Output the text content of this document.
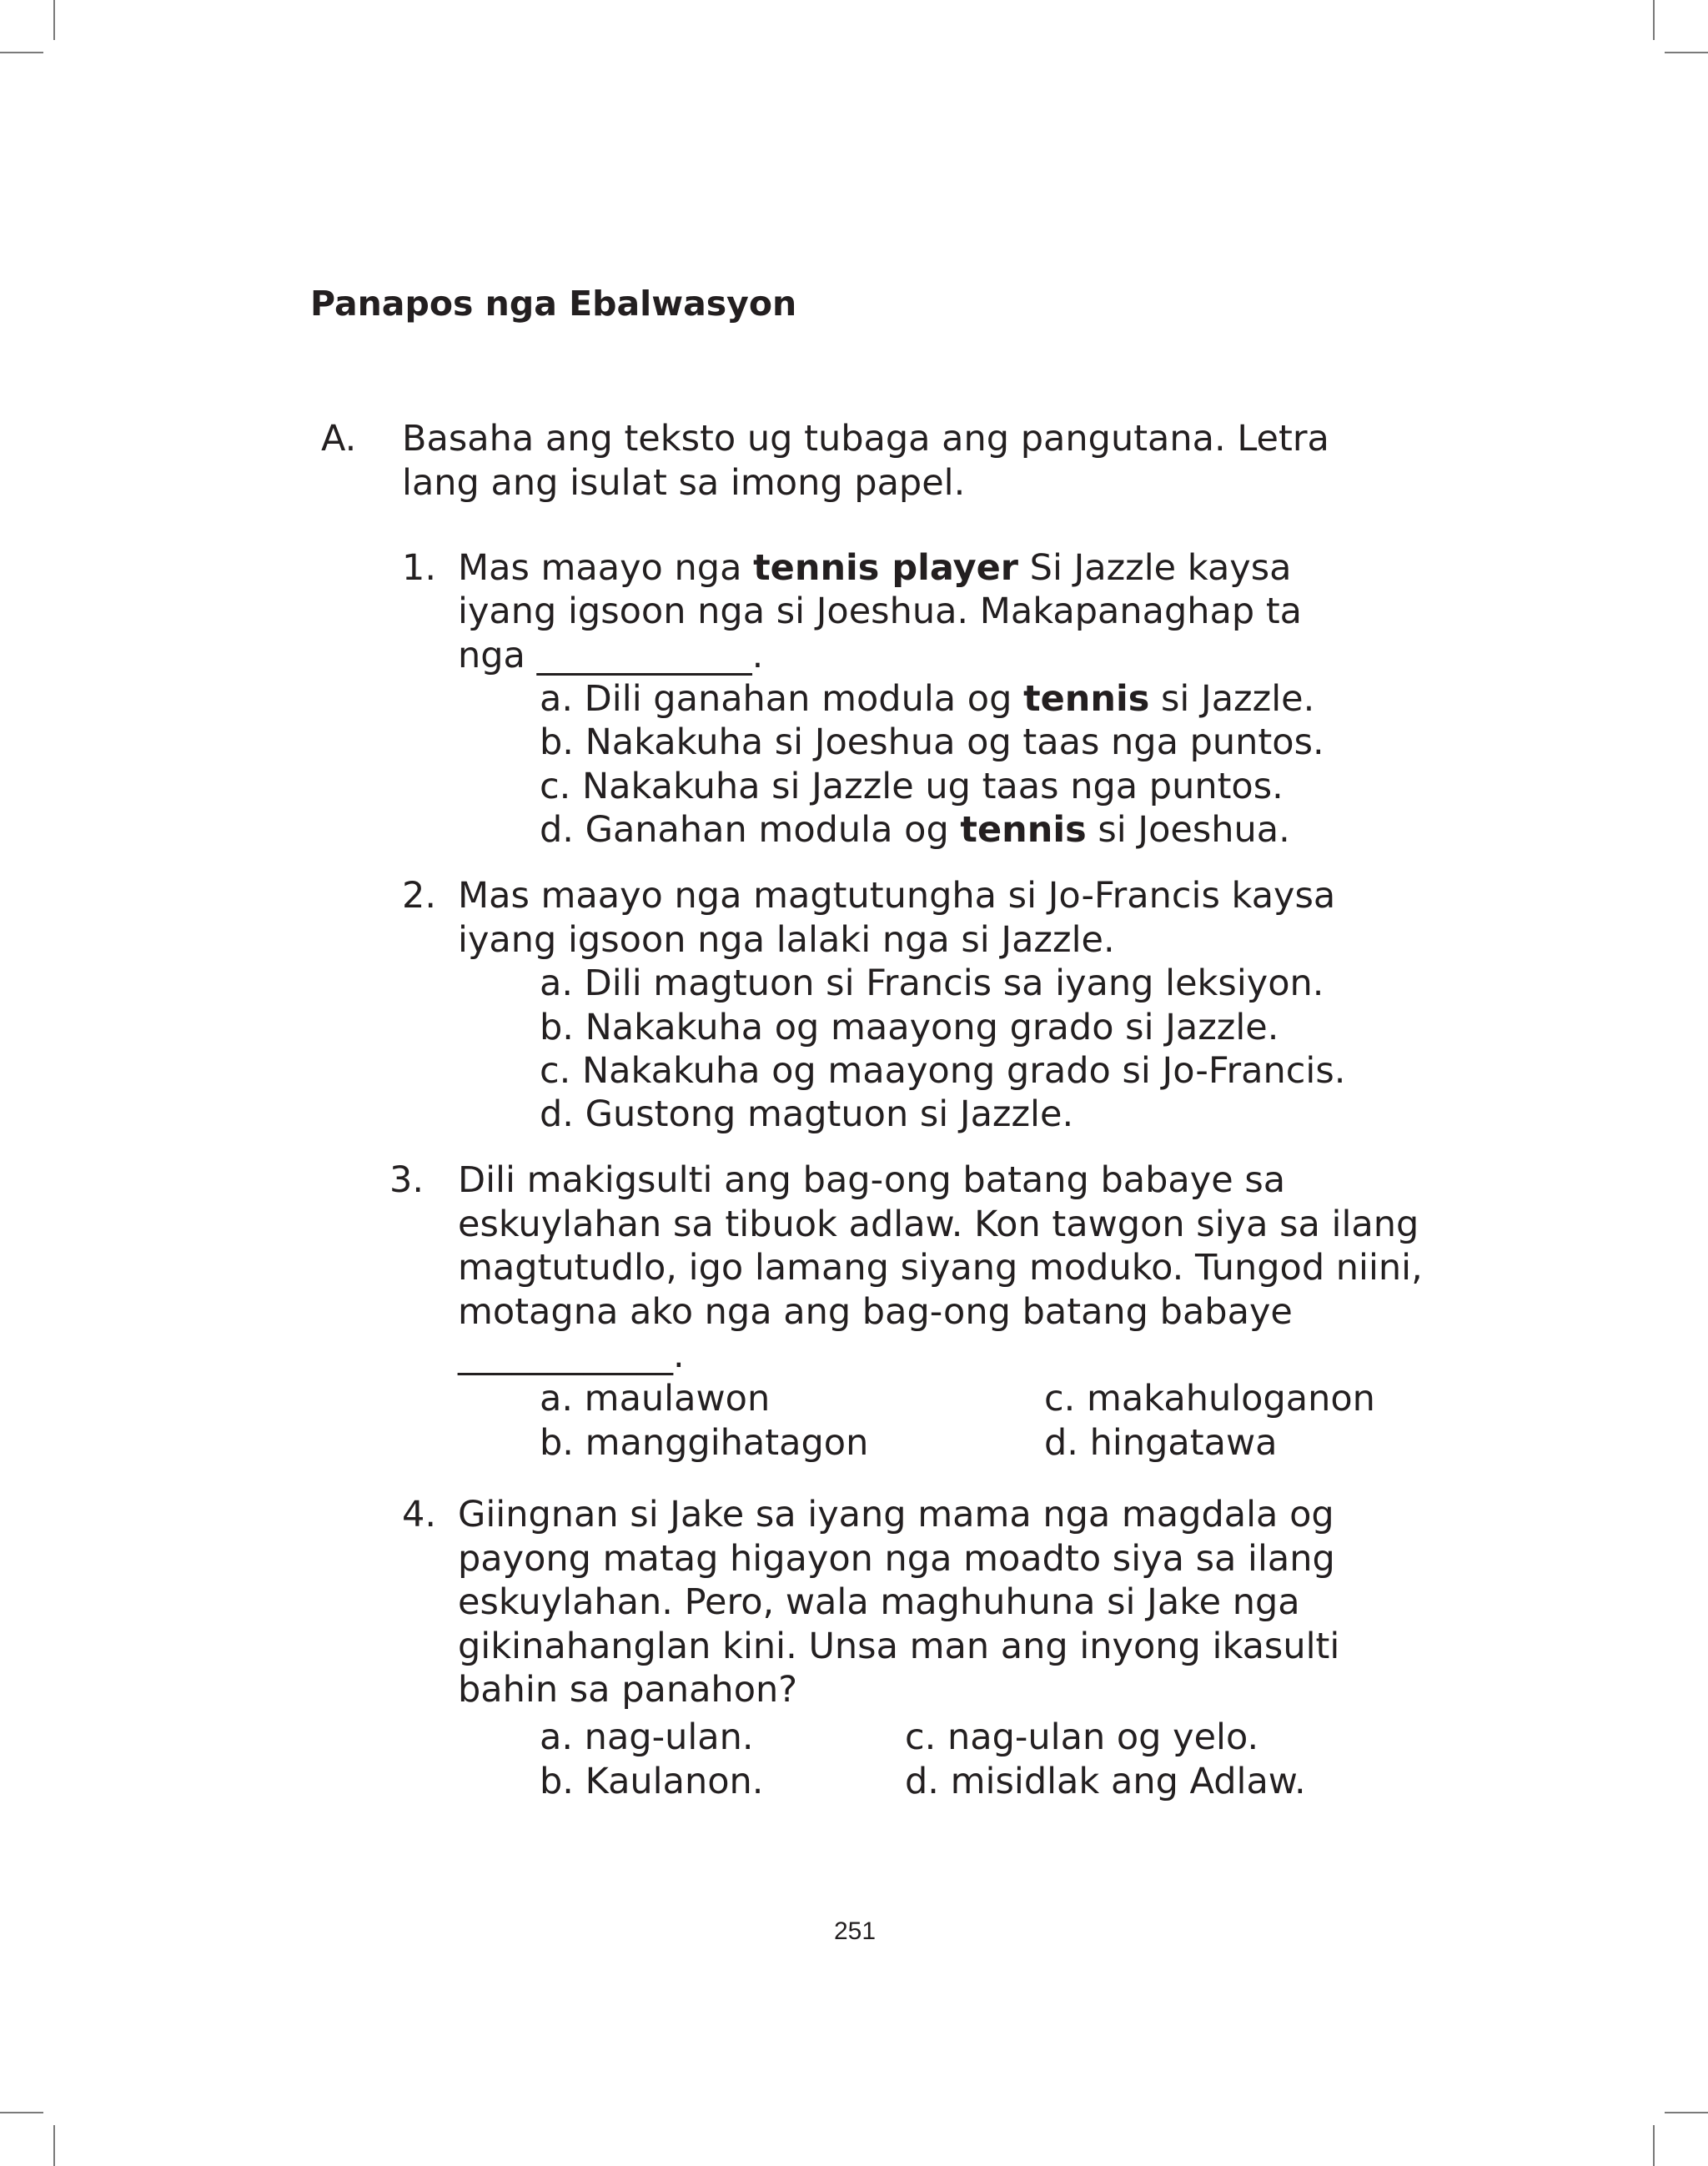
Panapos nga Ebalwasyon
A. Basaha ang teksto ug tubaga ang pangutana. Letra
lang ang isulat sa imong papel.
1. Mas maayo nga tennis player Si Jazzle kaysa
iyang igsoon nga si Joeshua. Makapanaghap ta
nga ____________.
a. Dili ganahan modula og tennis si Jazzle.
b. Nakakuha si Joeshua og taas nga puntos.
c. Nakakuha si Jazzle ug taas nga puntos.
d. Ganahan modula og tennis si Joeshua.
2. Mas maayo nga magtutungha si Jo-Francis kaysa
iyang igsoon nga lalaki nga si Jazzle.
a. Dili magtuon si Francis sa iyang leksiyon.
b. Nakakuha og maayong grado si Jazzle.
c. Nakakuha og maayong grado si Jo-Francis.
d. Gustong magtuon si Jazzle.
3. Dili makigsulti ang bag-ong batang babaye sa
eskuylahan sa tibuok adlaw. Kon tawgon siya sa ilang
magtutudlo, igo lamang siyang moduko. Tungod niini,
motagna ako nga ang bag-ong batang babaye
____________.
a. maulawon
b. manggihatagon
c. makahuloganon
d. hingatawa
4. Giingnan si Jake sa iyang mama nga magdala og
payong matag higayon nga moadto siya sa ilang
eskuylahan. Pero, wala maghuhuna si Jake nga
gikinahanglan kini. Unsa man ang inyong ikasulti
bahin sa panahon?
a. nag-ulan.
b. Kaulanon.
c. nag-ulan og yelo.
d. misidlak ang Adlaw.
251
